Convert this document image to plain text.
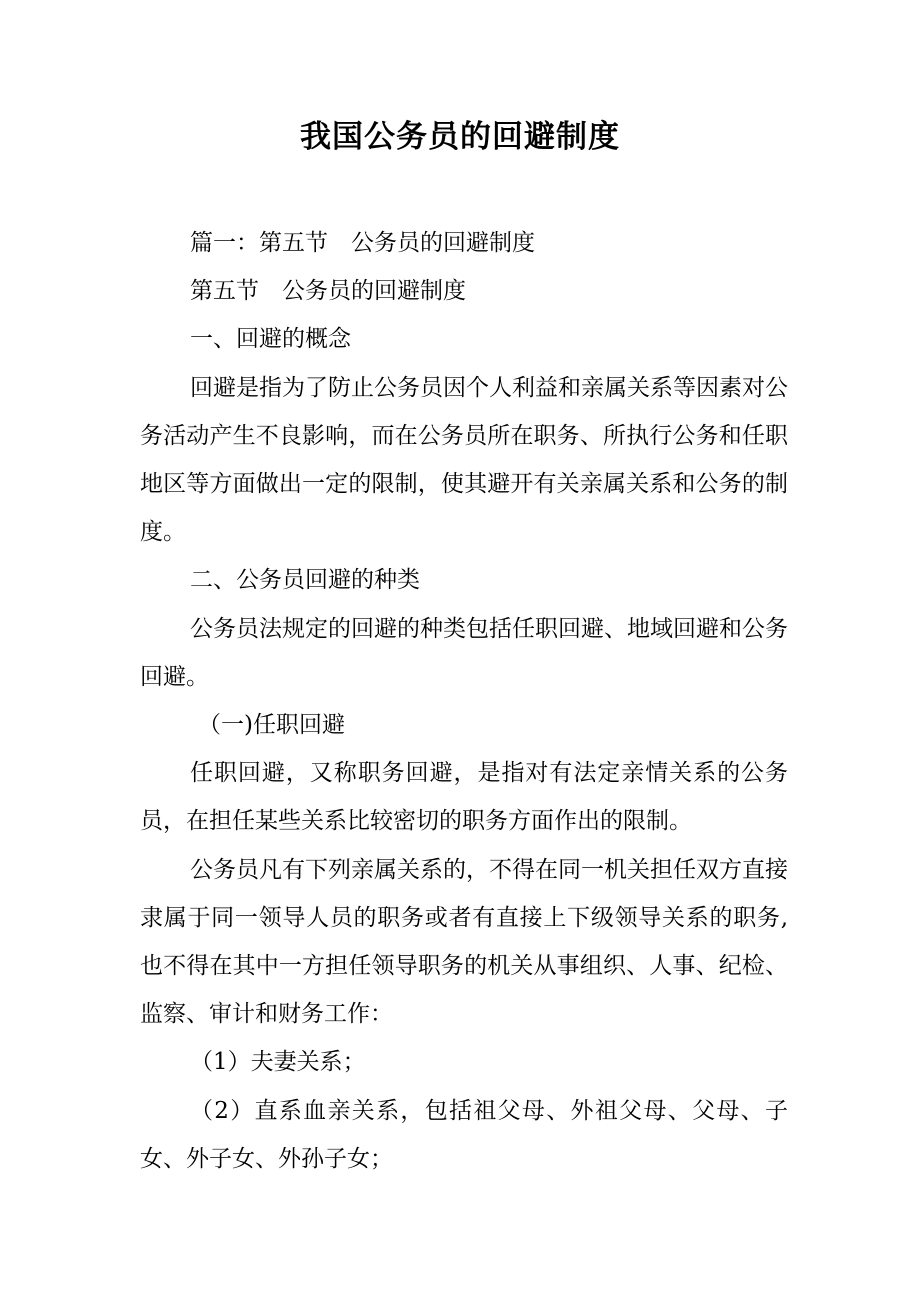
我国公务员的回避制度

篇一：第五节　公务员的回避制度

第五节　公务员的回避制度

一、回避的概念

回避是指为了防止公务员因个人利益和亲属关系等因素对公务活动产生不良影响，而在公务员所在职务、所执行公务和任职地区等方面做出一定的限制，使其避开有关亲属关系和公务的制度。

二、公务员回避的种类

公务员法规定的回避的种类包括任职回避、地域回避和公务回避。

（一)任职回避

任职回避，又称职务回避，是指对有法定亲情关系的公务员，在担任某些关系比较密切的职务方面作出的限制。

公务员凡有下列亲属关系的，不得在同一机关担任双方直接隶属于同一领导人员的职务或者有直接上下级领导关系的职务,也不得在其中一方担任领导职务的机关从事组织、人事、纪检、监察、审计和财务工作：

（1）夫妻关系；

（2）直系血亲关系，包括祖父母、外祖父母、父母、子女、外子女、外孙子女；
